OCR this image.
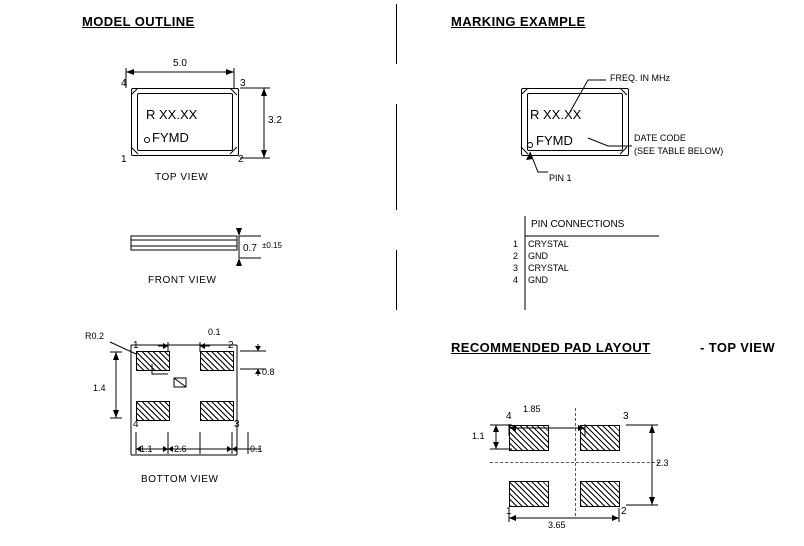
MODEL OUTLINE
5.0
R XX.XX
FYMD
4	3
1	2
3.2
TOP VIEW
0.7 ±0.15
FRONT VIEW
R0.2
1	2
4	3
0.1
0.8
1.4
1.1 2.6	0.1
BOTTOM VIEW
MARKING EXAMPLE
R XX.XX
FYMD
FREQ. IN MHz
DATE CODE
(SEE TABLE BELOW)
PIN 1
PIN CONNECTIONS
1	CRYSTAL
2	GND
3	CRYSTAL
4	GND
RECOMMENDED PAD LAYOUT	- TOP VIEW
4	3
1	2
1.85
1.1
2.3
3.65
